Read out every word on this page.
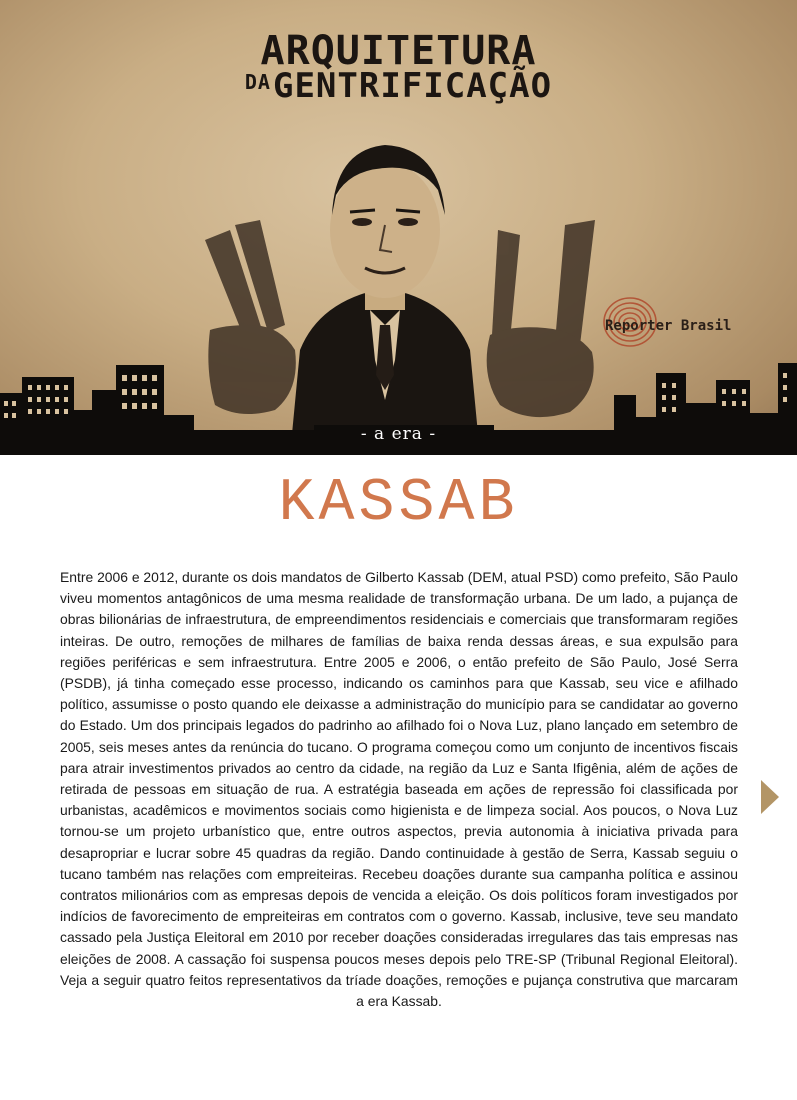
ARQUITETURA
$^{DA}$GENTRIFICAÇÃO
Reporter Brasil
- a era -
KASSAB

Entre 2006 e 2012, durante os dois mandatos de Gilberto Kassab (DEM, atual PSD) como prefeito, São Paulo viveu momentos antagônicos de uma mesma realidade de transformação urbana. De um lado, a pujança de obras bilionárias de infraestrutura, de empreendimentos residenciais e comerciais que transformaram regiões inteiras. De outro, remoções de milhares de famílias de baixa renda dessas áreas, e sua expulsão para regiões periféricas e sem infraestrutura. Entre 2005 e 2006, o então prefeito de São Paulo, José Serra (PSDB), já tinha começado esse processo, indicando os caminhos para que Kassab, seu vice e afilhado político, assumisse o posto quando ele deixasse a administração do município para se candidatar ao governo do Estado. Um dos principais legados do padrinho ao afilhado foi o Nova Luz, plano lançado em setembro de 2005, seis meses antes da renúncia do tucano. O programa começou como um conjunto de incentivos fiscais para atrair investimentos privados ao centro da cidade, na região da Luz e Santa Ifigênia, além de ações de retirada de pessoas em situação de rua. A estratégia baseada em ações de repressão foi classificada por urbanistas, acadêmicos e movimentos sociais como higienista e de limpeza social. Aos poucos, o Nova Luz tornou-se um projeto urbanístico que, entre outros aspectos, previa autonomia à iniciativa privada para desapropriar e lucrar sobre 45 quadras da região. Dando continuidade à gestão de Serra, Kassab seguiu o tucano também nas relações com empreiteiras. Recebeu doações durante sua campanha política e assinou contratos milionários com as empresas depois de vencida a eleição. Os dois políticos foram investigados por indícios de favorecimento de empreiteiras em contratos com o governo. Kassab, inclusive, teve seu mandato cassado pela Justiça Eleitoral em 2010 por receber doações consideradas irregulares das tais empresas nas eleições de 2008. A cassação foi suspensa poucos meses depois pelo TRE-SP (Tribunal Regional Eleitoral). Veja a seguir quatro feitos representativos da tríade doações, remoções e pujança construtiva que marcaram a era Kassab.
